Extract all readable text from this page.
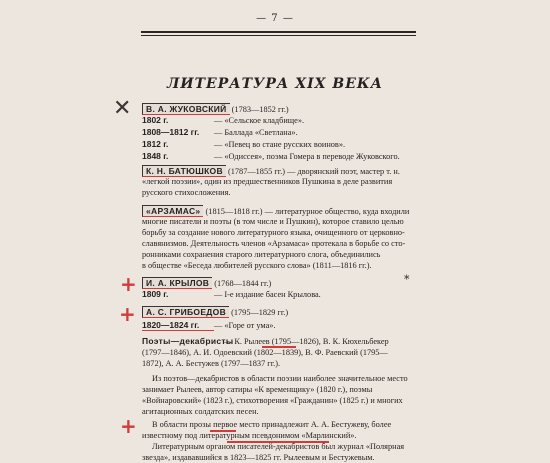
— 7 —
ЛИТЕРАТУРА XIX ВЕКА
✕	В. А. ЖУКОВСКИЙ (1783—1852 гг.)
1802 г.	— «Сельское кладбище».
1808—1812 гг. — Баллада «Светлана».
1812 г.	— «Певец во стане русских воинов».
1848 г.	— «Одиссея», поэма Гомера в переводе Жуковского.
К. Н. БАТЮШКОВ (1787—1855 гг.) — дворянский поэт, мастер т. н.
«легкой поэзии», один из предшественников Пушкина в деле развития
русского стихосложения.
«АРЗАМАС» (1815—1818 гг.) — литературное общество, куда входили
многие писатели и поэты (в том числе и Пушкин), которое ставило целью
борьбу за создание нового литературного языка, очищенного от церковно-
славянизмов. Деятельность членов «Арзамаса» протекала в борьбе со сто-
ронниками сохранения старого литературного слога, объединились
в обществе «Беседа любителей русского слова» (1811—1816 гг.).
+	И. А. КРЫЛОВ (1768—1844 гг.)	*
1809 г.	— I-е издание басен Крылова.
+	А. С. ГРИБОЕДОВ (1795—1829 гг.)
1820—1824 гг. — «Горе от ума».
Поэты—декабристы— К. Рылеев (1795—1826), В. К. Кюхельбекер
(1797—1846), А. И. Одоевский (1802—1839), В. Ф. Раевский (1795—
1872), А. А. Бестужев (1797—1837 гг.).
Из поэтов—декабристов в области поэзии наиболее значительное место
занимает Рылеев, автор сатиры «К временщику» (1820 г.), поэмы
«Войнаровский» (1823 г.), стихотворения «Гражданин» (1825 г.) и многих
агитационных солдатских песен.
+ В области прозы первое место принадлежит А. А. Бестужеву, более
известному под литературным псевдонимом «Марлинский».
Литературным органом писателей-декабристов был журнал «Полярная
звезда», издававшийся в 1823—1825 гг. Рылеевым и Бестужевым.
